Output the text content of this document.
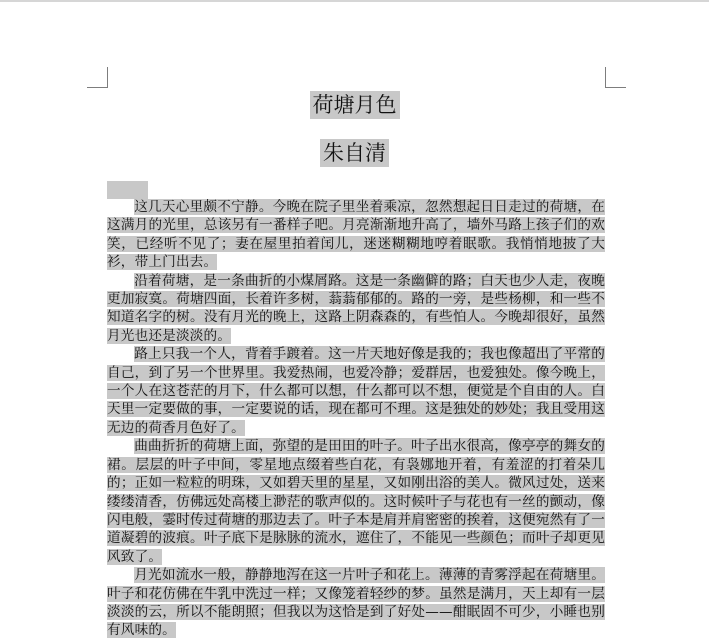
荷塘月色
朱自清

这几天心里颇不宁静。今晚在院子里坐着乘凉，忽然想起日日走过的荷塘，在这满月的光里，总该另有一番样子吧。月亮渐渐地升高了，墙外马路上孩子们的欢笑，已经听不见了；妻在屋里拍着闰儿，迷迷糊糊地哼着眠歌。我悄悄地披了大衫，带上门出去。

沿着荷塘，是一条曲折的小煤屑路。这是一条幽僻的路；白天也少人走，夜晚更加寂寞。荷塘四面，长着许多树，蓊蓊郁郁的。路的一旁，是些杨柳，和一些不知道名字的树。没有月光的晚上，这路上阴森森的，有些怕人。今晚却很好，虽然月光也还是淡淡的。

路上只我一个人，背着手踱着。这一片天地好像是我的；我也像超出了平常的自己，到了另一个世界里。我爱热闹，也爱冷静；爱群居，也爱独处。像今晚上，一个人在这苍茫的月下，什么都可以想，什么都可以不想，便觉是个自由的人。白天里一定要做的事，一定要说的话，现在都可不理。这是独处的妙处；我且受用这无边的荷香月色好了。

曲曲折折的荷塘上面，弥望的是田田的叶子。叶子出水很高，像亭亭的舞女的裙。层层的叶子中间，零星地点缀着些白花，有袅娜地开着，有羞涩的打着朵儿的；正如一粒粒的明珠，又如碧天里的星星，又如刚出浴的美人。微风过处，送来缕缕清香，仿佛远处高楼上渺茫的歌声似的。这时候叶子与花也有一丝的颤动，像闪电般，霎时传过荷塘的那边去了。叶子本是肩并肩密密的挨着，这便宛然有了一道凝碧的波痕。叶子底下是脉脉的流水，遮住了，不能见一些颜色；而叶子却更见风致了。

月光如流水一般，静静地泻在这一片叶子和花上。薄薄的青雾浮起在荷塘里。叶子和花仿佛在牛乳中洗过一样；又像笼着轻纱的梦。虽然是满月，天上却有一层淡淡的云，所以不能朗照；但我以为这恰是到了好处——酣眠固不可少，小睡也别有风味的。
